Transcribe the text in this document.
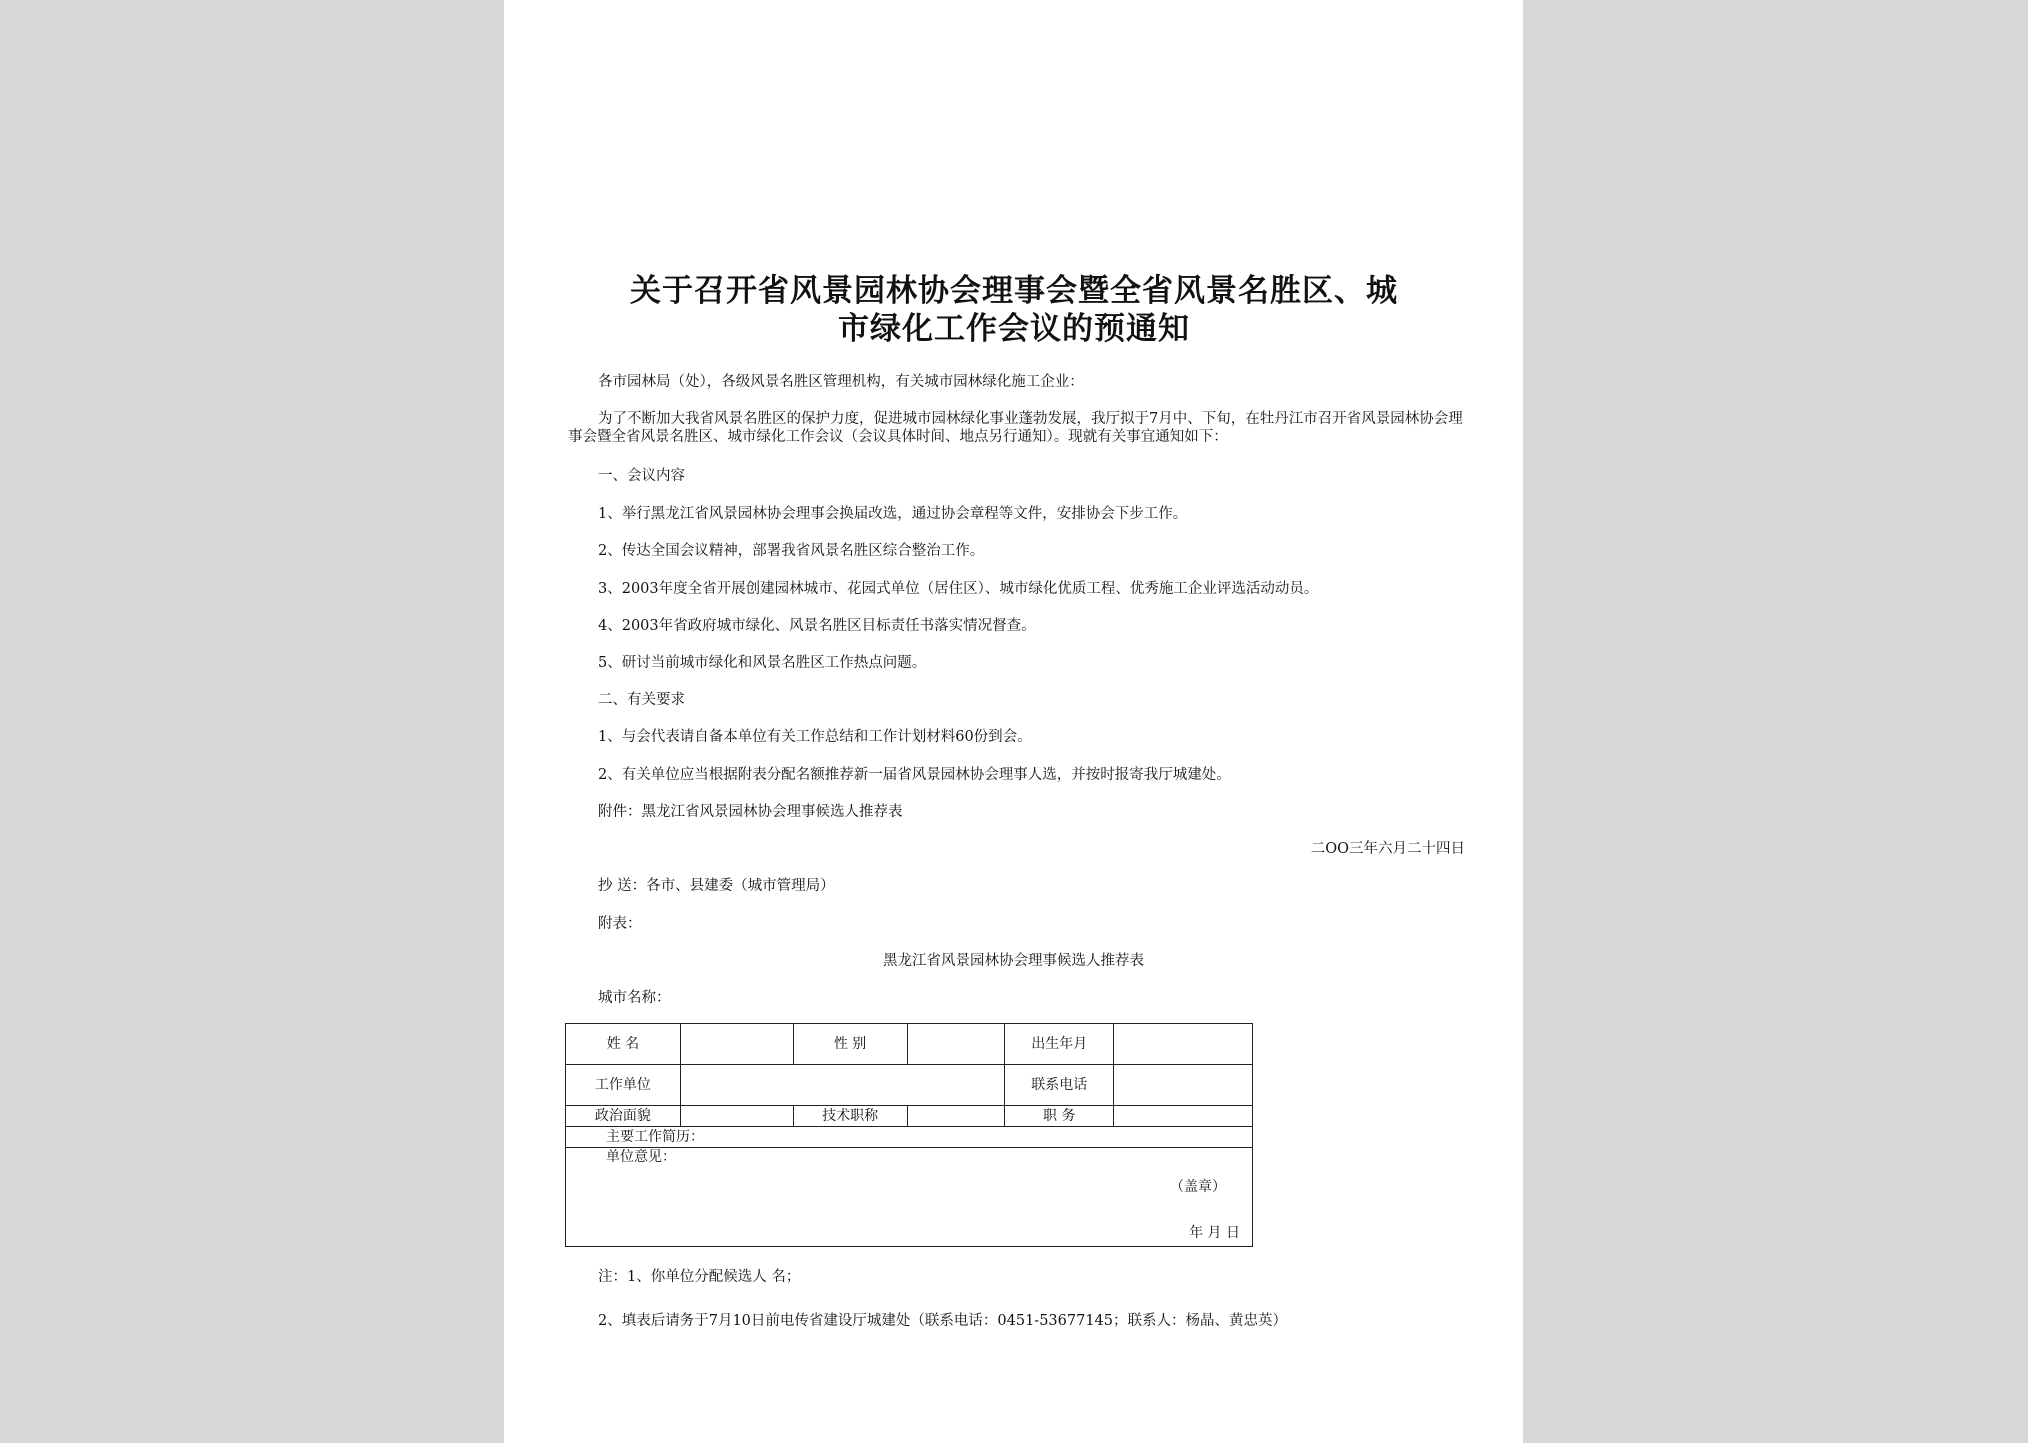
关于召开省风景园林协会理事会暨全省风景名胜区、城
市绿化工作会议的预通知
各市园林局（处），各级风景名胜区管理机构，有关城市园林绿化施工企业：
为了不断加大我省风景名胜区的保护力度，促进城市园林绿化事业蓬勃发展，我厅拟于7月中、下旬，在牡丹江市召开省风景园林协会理事会暨全省风景名胜区、城市绿化工作会议（会议具体时间、地点另行通知）。现就有关事宜通知如下：
一、会议内容
1、举行黑龙江省风景园林协会理事会换届改选，通过协会章程等文件，安排协会下步工作。
2、传达全国会议精神，部署我省风景名胜区综合整治工作。
3、2003年度全省开展创建园林城市、花园式单位（居住区）、城市绿化优质工程、优秀施工企业评选活动动员。
4、2003年省政府城市绿化、风景名胜区目标责任书落实情况督查。
5、研讨当前城市绿化和风景名胜区工作热点问题。
二、有关要求
1、与会代表请自备本单位有关工作总结和工作计划材料60份到会。
2、有关单位应当根据附表分配名额推荐新一届省风景园林协会理事人选，并按时报寄我厅城建处。
附件：黑龙江省风景园林协会理事候选人推荐表
二OO三年六月二十四日
抄 送：各市、县建委（城市管理局）
附表：
黑龙江省风景园林协会理事候选人推荐表
城市名称：
姓 名		性 别		出生年月	
工作单位				联系电话	
政治面貌		技术职称		职 务	
主要工作简历：					
单位意见：
（盖章）
年 月 日					
注：1、你单位分配候选人 名；
2、填表后请务于7月10日前电传省建设厅城建处（联系电话：0451-53677145；联系人：杨晶、黄忠英）
